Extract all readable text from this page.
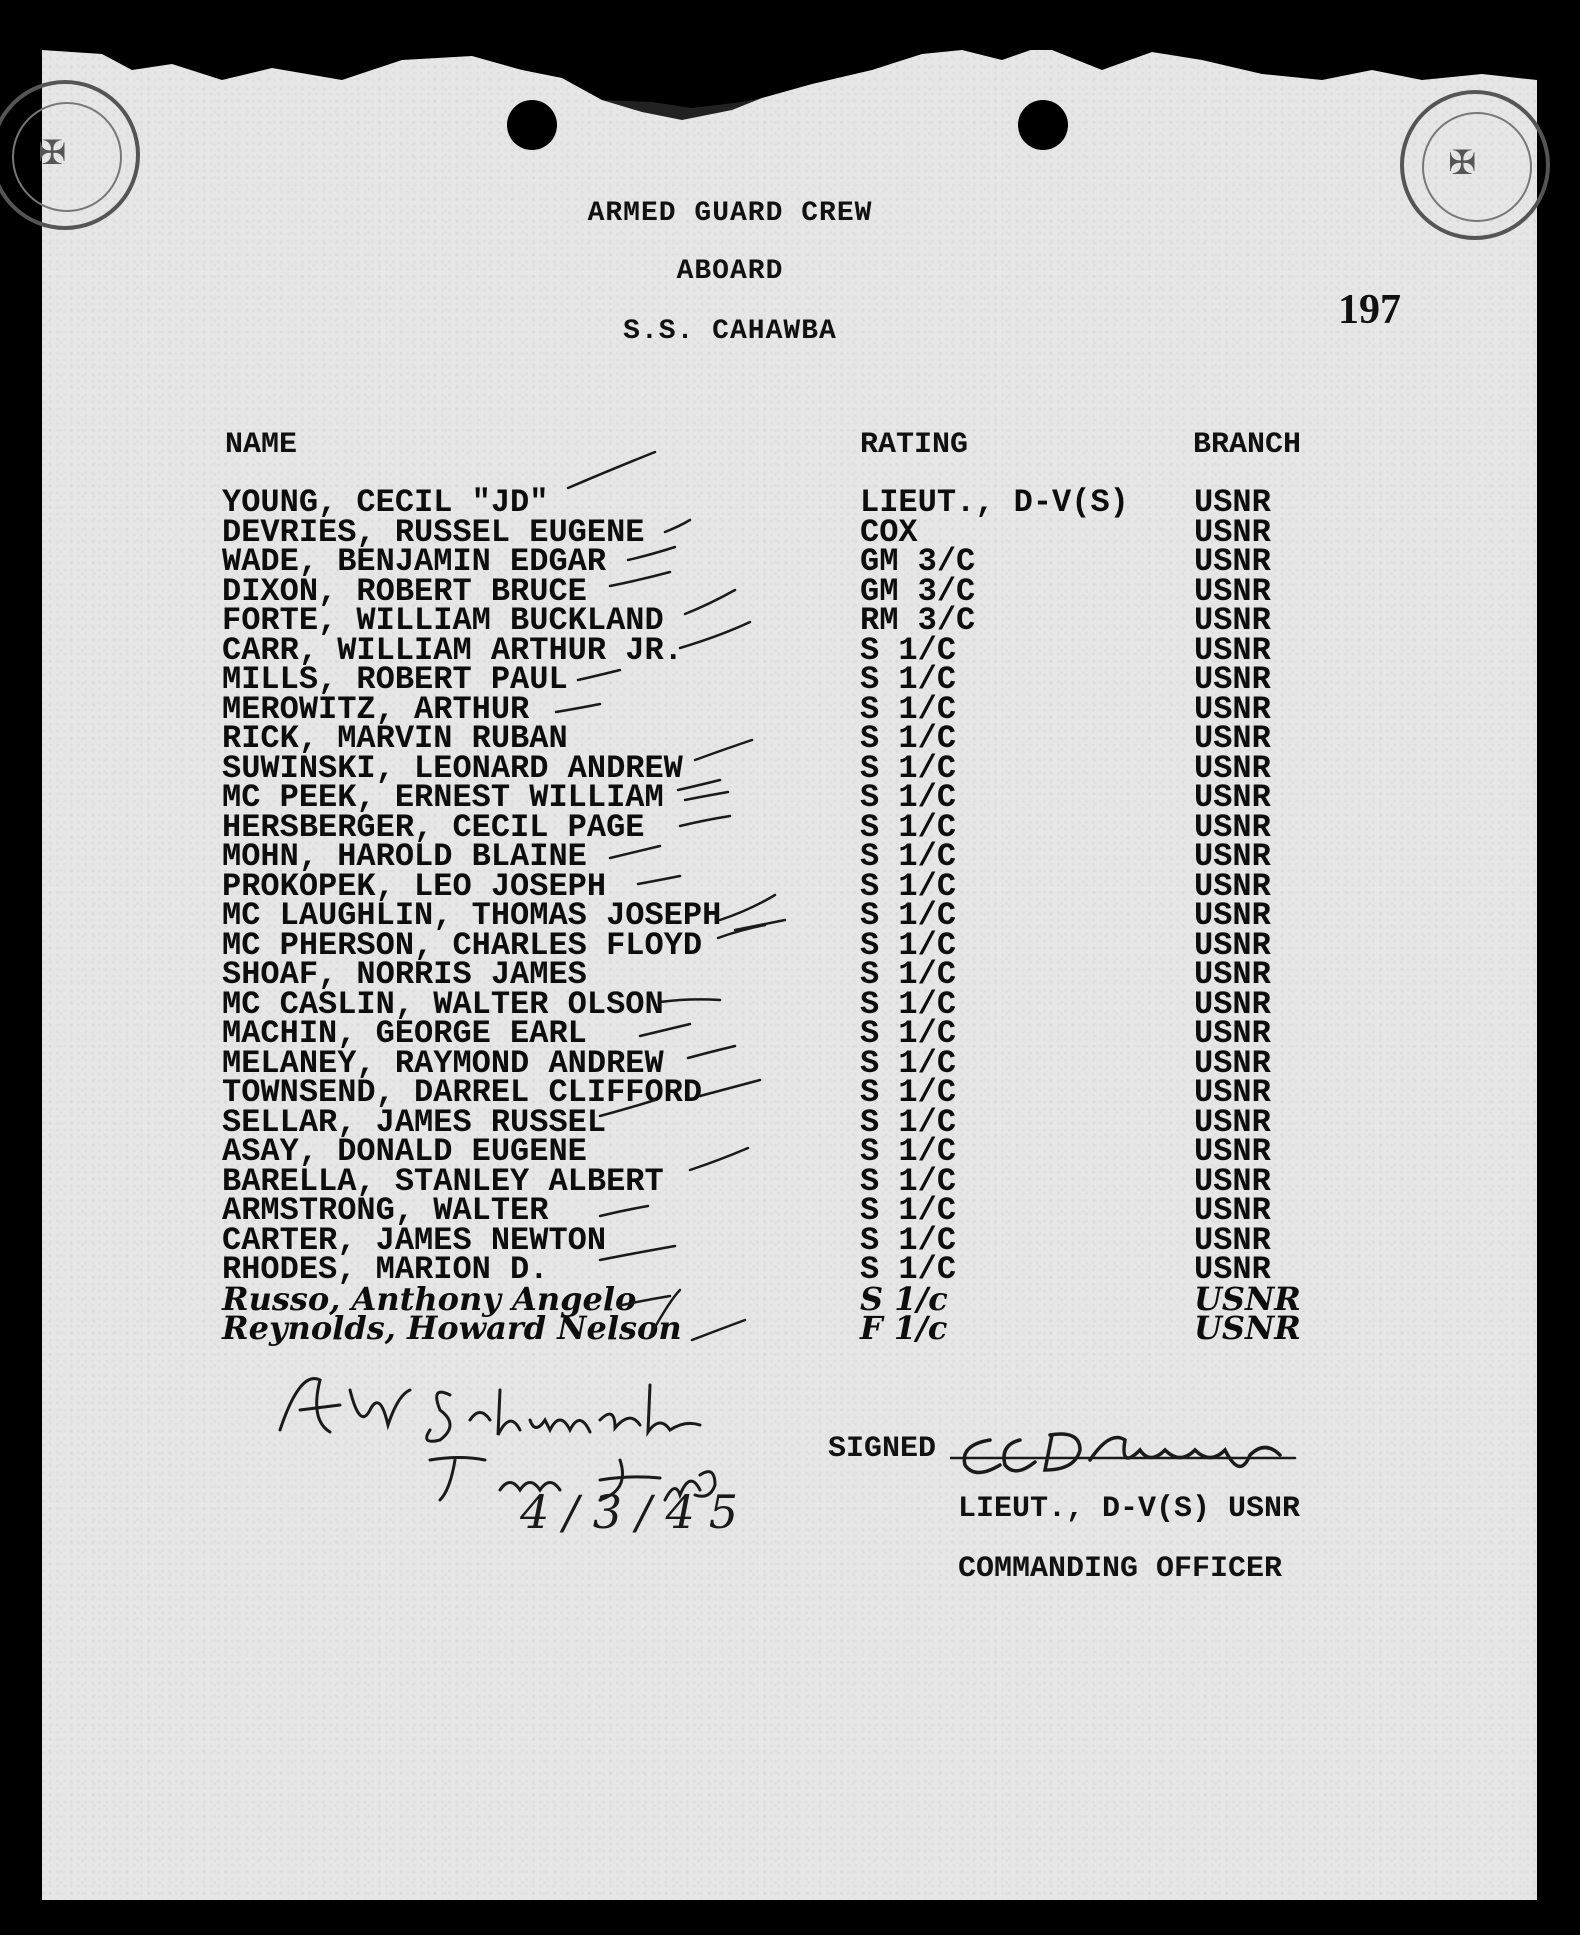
✠	✠
ARMED GUARD CREW
ABOARD
S.S. CAHAWBA	197
NAME	RATING	BRANCH
YOUNG, CECIL "JD"	LIEUT., D-V(S)	USNR
DEVRIES, RUSSEL EUGENE	COX	USNR
WADE, BENJAMIN EDGAR	GM 3/C	USNR
DIXON, ROBERT BRUCE	GM 3/C	USNR
FORTE, WILLIAM BUCKLAND	RM 3/C	USNR
CARR, WILLIAM ARTHUR JR.	S 1/C	USNR
MILLS, ROBERT PAUL	S 1/C	USNR
MEROWITZ, ARTHUR	S 1/C	USNR
RICK, MARVIN RUBAN	S 1/C	USNR
SUWINSKI, LEONARD ANDREW	S 1/C	USNR
MC PEEK, ERNEST WILLIAM	S 1/C	USNR
HERSBERGER, CECIL PAGE	S 1/C	USNR
MOHN, HAROLD BLAINE	S 1/C	USNR
PROKOPEK, LEO JOSEPH	S 1/C	USNR
MC LAUGHLIN, THOMAS JOSEPH	S 1/C	USNR
MC PHERSON, CHARLES FLOYD	S 1/C	USNR
SHOAF, NORRIS JAMES	S 1/C	USNR
MC CASLIN, WALTER OLSON	S 1/C	USNR
MACHIN, GEORGE EARL	S 1/C	USNR
MELANEY, RAYMOND ANDREW	S 1/C	USNR
TOWNSEND, DARREL CLIFFORD	S 1/C	USNR
SELLAR, JAMES RUSSEL	S 1/C	USNR
ASAY, DONALD EUGENE	S 1/C	USNR
BARELLA, STANLEY ALBERT	S 1/C	USNR
ARMSTRONG, WALTER	S 1/C	USNR
CARTER, JAMES NEWTON	S 1/C	USNR
RHODES, MARION D.	S 1/C	USNR
Russo, Anthony Angelo	S 1/c	USNR
Reynolds, Howard Nelson	F 1/c	USNR
4/3/45
SIGNED
LIEUT., D-V(S) USNR
COMMANDING OFFICER
